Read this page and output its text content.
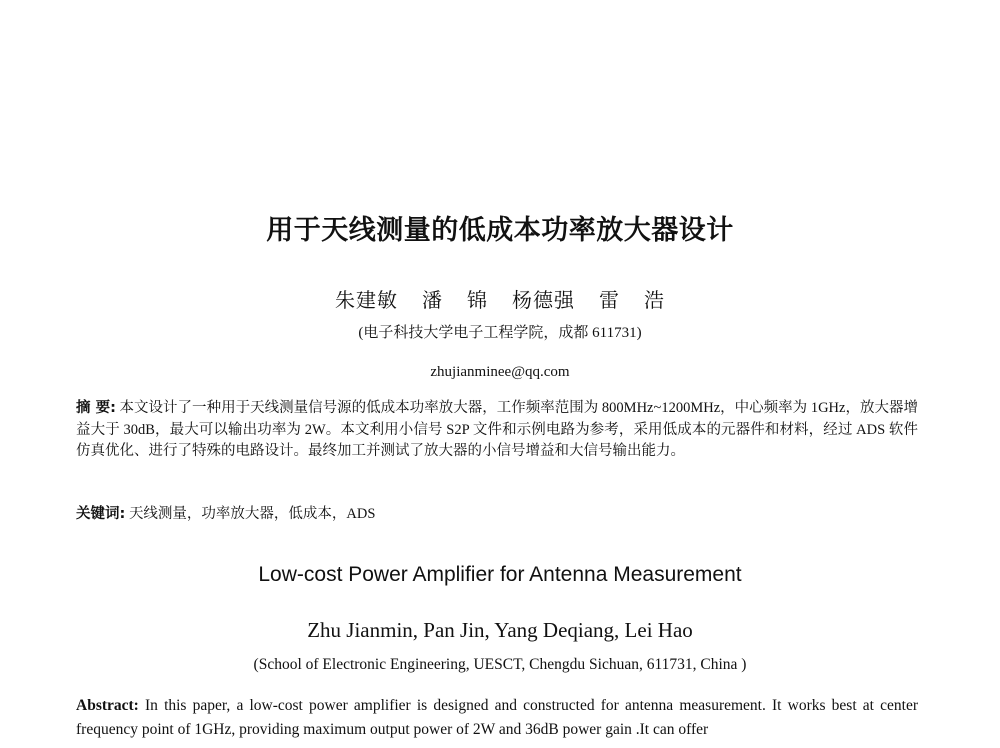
用于天线测量的低成本功率放大器设计
朱建敏 潘 锦 杨德强 雷 浩
(电子科技大学电子工程学院，成都 611731)
zhujianminee@qq.com
摘 要: 本文设计了一种用于天线测量信号源的低成本功率放大器，工作频率范围为 800MHz~1200MHz，中心频率为 1GHz，放大器增益大于 30dB，最大可以输出功率为 2W。本文利用小信号 S2P 文件和示例电路为参考，采用低成本的元器件和材料，经过 ADS 软件仿真优化、进行了特殊的电路设计。最终加工并测试了放大器的小信号增益和大信号输出能力。
关键词: 天线测量，功率放大器，低成本，ADS
Low-cost Power Amplifier for Antenna Measurement
Zhu Jianmin, Pan Jin, Yang Deqiang, Lei Hao
(School of Electronic Engineering, UESCT, Chengdu Sichuan, 611731, China )
Abstract: In this paper, a low-cost power amplifier is designed and constructed for antenna measurement. It works best at center frequency point of 1GHz, providing maximum output power of 2W and 36dB power gain .It can offer
